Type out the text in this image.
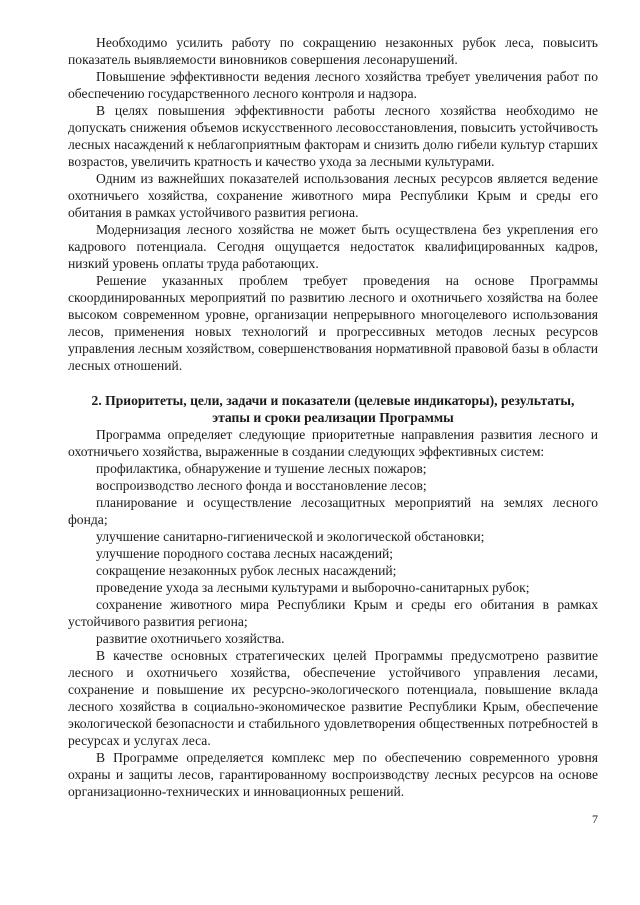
Необходимо усилить работу по сокращению незаконных рубок леса, повысить показатель выявляемости виновников совершения лесонарушений.

Повышение эффективности ведения лесного хозяйства требует увеличения работ по обеспечению государственного лесного контроля и надзора.

В целях повышения эффективности работы лесного хозяйства необходимо не допускать снижения объемов искусственного лесовосстановления, повысить устойчивость лесных насаждений к неблагоприятным факторам и снизить долю гибели культур старших возрастов, увеличить кратность и качество ухода за лесными культурами.

Одним из важнейших показателей использования лесных ресурсов является ведение охотничьего хозяйства, сохранение животного мира Республики Крым и среды его обитания в рамках устойчивого развития региона.

Модернизация лесного хозяйства не может быть осуществлена без укрепления его кадрового потенциала. Сегодня ощущается недостаток квалифицированных кадров, низкий уровень оплаты труда работающих.

Решение указанных проблем требует проведения на основе Программы скоординированных мероприятий по развитию лесного и охотничьего хозяйства на более высоком современном уровне, организации непрерывного многоцелевого использования лесов, применения новых технологий и прогрессивных методов лесных ресурсов управления лесным хозяйством, совершенствования нормативной правовой базы в области лесных отношений.

2. Приоритеты, цели, задачи и показатели (целевые индикаторы), результаты,
этапы и сроки реализации Программы

Программа определяет следующие приоритетные направления развития лесного и охотничьего хозяйства, выраженные в создании следующих эффективных систем:

профилактика, обнаружение и тушение лесных пожаров;

воспроизводство лесного фонда и восстановление лесов;

планирование и осуществление лесозащитных мероприятий на землях лесного фонда;

улучшение санитарно-гигиенической и экологической обстановки;

улучшение породного состава лесных насаждений;

сокращение незаконных рубок лесных насаждений;

проведение ухода за лесными культурами и выборочно-санитарных рубок;

сохранение животного мира Республики Крым и среды его обитания в рамках устойчивого развития региона;

развитие охотничьего хозяйства.

В качестве основных стратегических целей Программы предусмотрено развитие лесного и охотничьего хозяйства, обеспечение устойчивого управления лесами, сохранение и повышение их ресурсно-экологического потенциала, повышение вклада лесного хозяйства в социально-экономическое развитие Республики Крым, обеспечение экологической безопасности и стабильного удовлетворения общественных потребностей в ресурсах и услугах леса.

В Программе определяется комплекс мер по обеспечению современного уровня охраны и защиты лесов, гарантированному воспроизводству лесных ресурсов на основе организационно-технических и инновационных решений.

7
